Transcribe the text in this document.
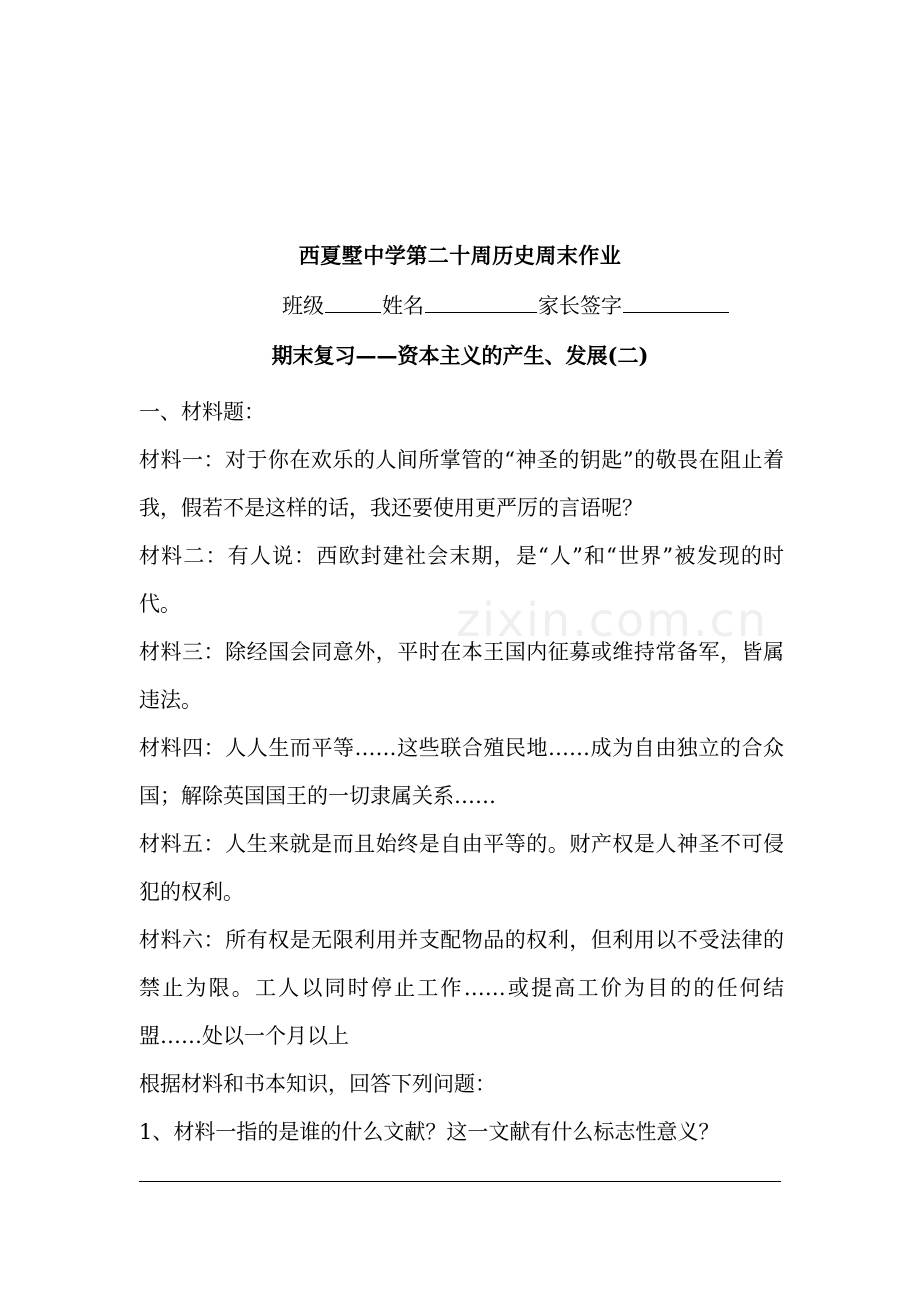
zixin.com.cn
西夏墅中学第二十周历史周末作业
班级	姓名	家长签字
期末复习——资本主义的产生、发展(二)

一、材料题：

材料一：对于你在欢乐的人间所掌管的“神圣的钥匙”的敬畏在阻止着我，假若不是这样的话，我还要使用更严厉的言语呢？

材料二：有人说：西欧封建社会末期，是“人”和“世界”被发现的时代。

材料三：除经国会同意外，平时在本王国内征募或维持常备军，皆属违法。

材料四：人人生而平等……这些联合殖民地……成为自由独立的合众国；解除英国国王的一切隶属关系……

材料五：人生来就是而且始终是自由平等的。财产权是人神圣不可侵犯的权利。

材料六：所有权是无限利用并支配物品的权利，但利用以不受法律的禁止为限。工人以同时停止工作……或提高工价为目的的任何结盟……处以一个月以上

根据材料和书本知识，回答下列问题：

1、材料一指的是谁的什么文献？这一文献有什么标志性意义？
